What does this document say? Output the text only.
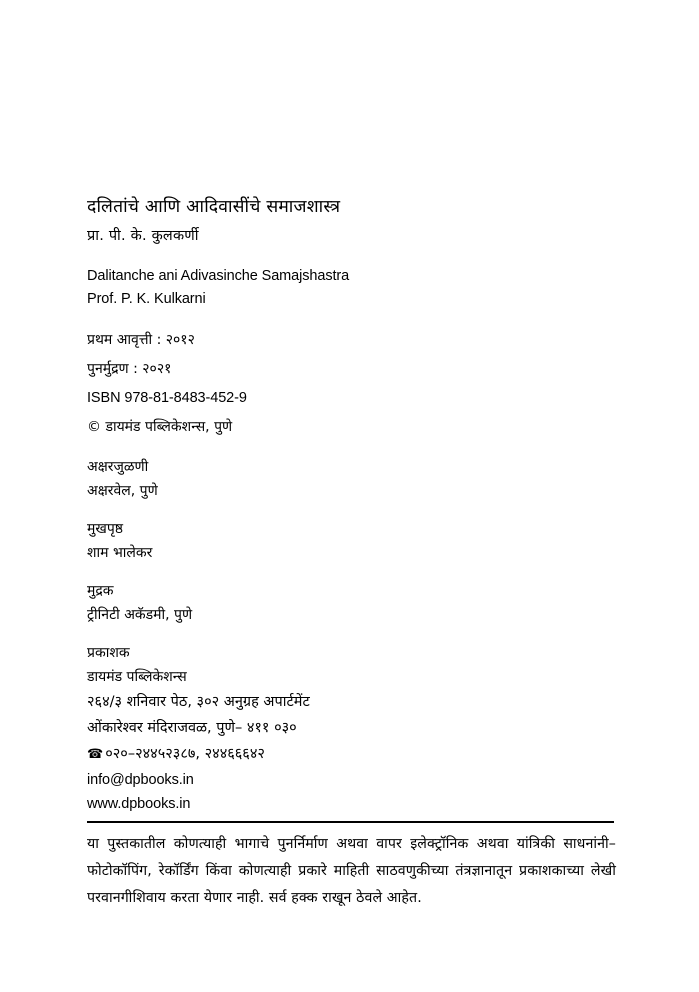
दलितांचे आणि आदिवासींचे समाजशास्त्र
प्रा. पी. के. कुलकर्णी
Dalitanche ani Adivasinche Samajshastra
Prof. P. K. Kulkarni
प्रथम आवृत्ती : २०१२
पुनर्मुद्रण : २०२१
ISBN 978-81-8483-452-9
© डायमंड पब्लिकेशन्स, पुणे
अक्षरजुळणी
अक्षरवेल, पुणे
मुखपृष्ठ
शाम भालेकर
मुद्रक
ट्रीनिटी अकॅडमी, पुणे
प्रकाशक
डायमंड पब्लिकेशन्स
२६४/३ शनिवार पेठ, ३०२ अनुग्रह अपार्टमेंट
ओंकारेश्वर मंदिराजवळ, पुणे– ४११ ०३०
☎ ०२०–२४४५२३८७, २४४६६६४२
info@dpbooks.in
www.dpbooks.in

या पुस्तकातील कोणत्याही भागाचे पुनर्निर्माण अथवा वापर इलेक्ट्रॉनिक अथवा यांत्रिकी साधनांनी– फोटोकॉपिंग, रेकॉर्डिंग किंवा कोणत्याही प्रकारे माहिती साठवणुकीच्या तंत्रज्ञानातून प्रकाशकाच्या लेखी परवानगीशिवाय करता येणार नाही. सर्व हक्क राखून ठेवले आहेत.
